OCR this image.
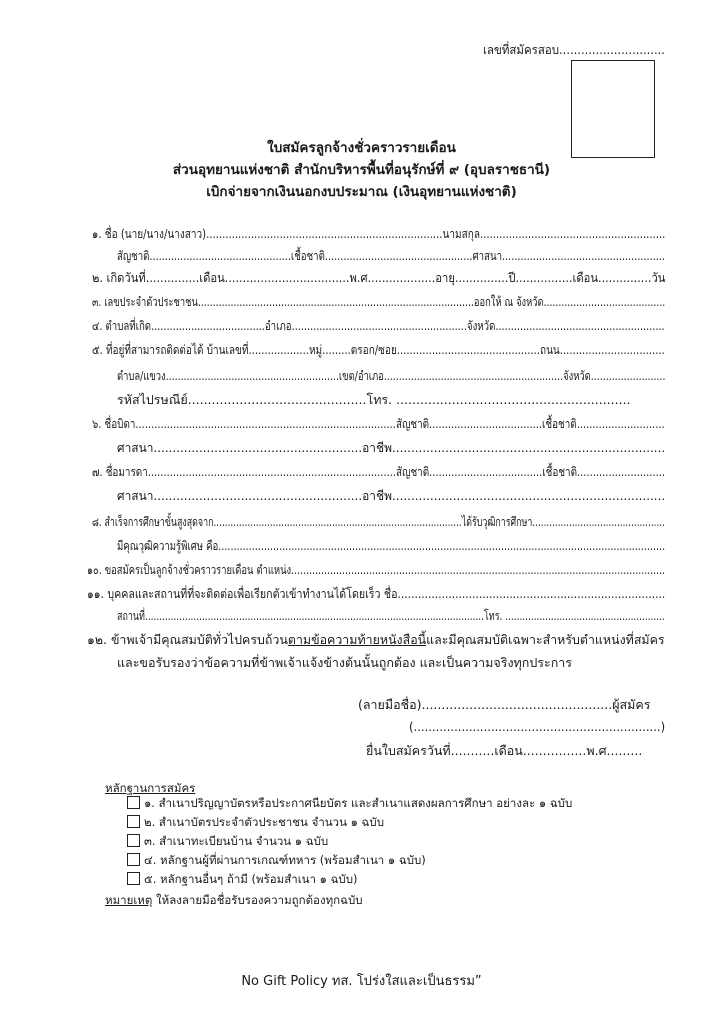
เลขที่สมัครสอบ.............................
ใบสมัครลูกจ้างชั่วคราวรายเดือน
ส่วนอุทยานแห่งชาติ สำนักบริหารพื้นที่อนุรักษ์ที่ ๙ (อุบลราชธานี)
เบิกจ่ายจากเงินนอกงบประมาณ (เงินอุทยานแห่งชาติ)
๑. ชื่อ (นาย/นาง/นางสาว)..........................................................................นามสกุล..........................................................
สัญชาติ..............................................เชื้อชาติ................................................ศาสนา.....................................................
๒. เกิดวันที่...............เดือน...................................พ.ศ...................อายุ...............ปี................เดือน...............วัน
๓. เลขประจำตัวประชาชน.............................................................................................ออกให้ ณ จังหวัด.........................................
๔. ตำบลที่เกิด.....................................อำเภอ.........................................................จังหวัด.......................................................
๕. ที่อยู่ที่สามารถติดต่อได้ บ้านเลขที่...................หมู่.........ตรอก/ซอย.............................................ถนน.................................
ตำบล/แขวง..........................................................เขต/อำเภอ............................................................จังหวัด.........................
รหัสไปรษณีย์.............................................โทร. ...........................................................
๖. ชื่อบิดา...................................................................................สัญชาติ....................................เชื้อชาติ............................
ศาสนา.......................................................อาชีพ........................................................................
๗. ชื่อมารดา...............................................................................สัญชาติ....................................เชื้อชาติ............................
ศาสนา.......................................................อาชีพ........................................................................
๘. สำเร็จการศึกษาขั้นสูงสุดจาก........................................................................................ได้รับวุฒิการศึกษา...............................................
มีคุณวุฒิความรู้พิเศษ คือ...................................................................................................................................................
๑๐. ขอสมัครเป็นลูกจ้างชั่วคราวรายเดือน ตำแหน่ง.............................................................................................................................
๑๑. บุคคลและสถานที่ที่จะติดต่อเพื่อเรียกตัวเข้าทำงานได้โดยเร็ว ชื่อ...............................................................................
สถานที่.......................................................................................................................โทร. ........................................................
๑๒. ข้าพเจ้ามีคุณสมบัติทั่วไปครบถ้วนตามข้อความท้ายหนังสือนี้และมีคุณสมบัติเฉพาะสำหรับตำแหน่งที่สมัคร
และขอรับรองว่าข้อความที่ข้าพเจ้าแจ้งข้างต้นนั้นถูกต้อง และเป็นความจริงทุกประการ
(ลายมือชื่อ)................................................ผู้สมัคร
(...................................................................)
ยื่นใบสมัครวันที่...........เดือน................พ.ศ.........
หลักฐานการสมัคร
๑. สำเนาปริญญาบัตรหรือประกาศนียบัตร และสำเนาแสดงผลการศึกษา อย่างละ ๑ ฉบับ
๒. สำเนาบัตรประจำตัวประชาชน จำนวน ๑ ฉบับ
๓. สำเนาทะเบียนบ้าน จำนวน ๑ ฉบับ
๔. หลักฐานผู้ที่ผ่านการเกณฑ์ทหาร (พร้อมสำเนา ๑ ฉบับ)
๕. หลักฐานอื่นๆ ถ้ามี (พร้อมสำเนา ๑ ฉบับ)
หมายเหตุ ให้ลงลายมือชื่อรับรองความถูกต้องทุกฉบับ
No Gift Policy ทส. โปร่งใสและเป็นธรรม”
